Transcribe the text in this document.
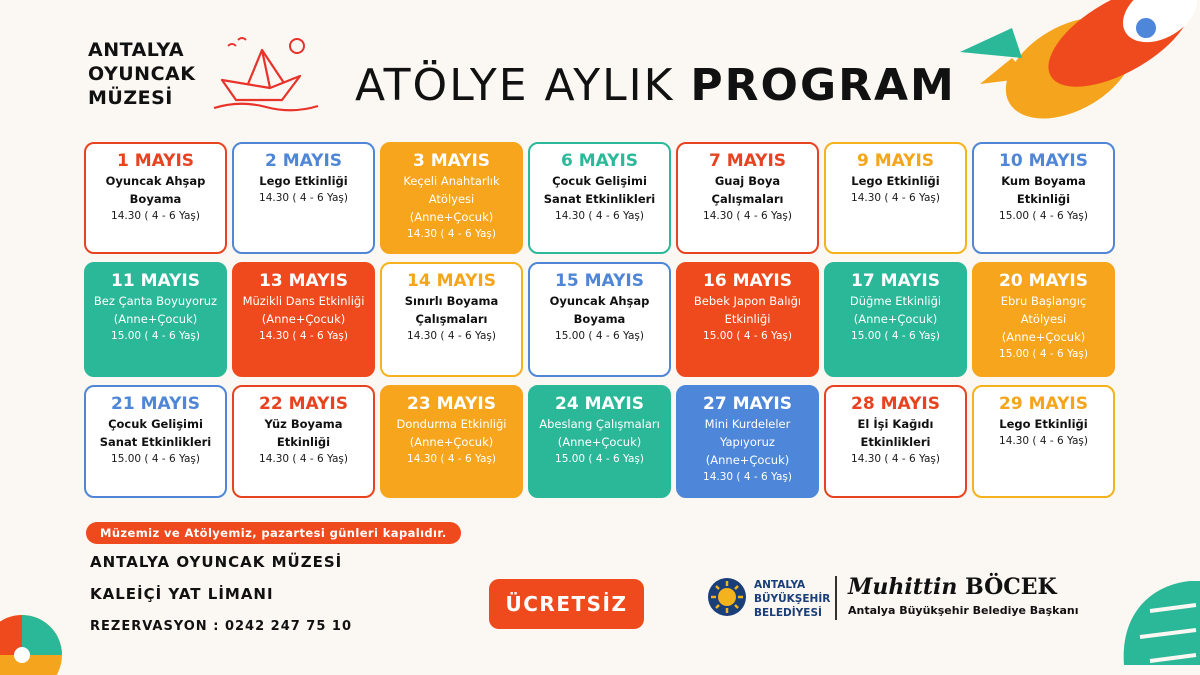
ANTALYA
OYUNCAK
MÜZESİ	ATÖLYE AYLIK PROGRAM
1 MAYIS
Oyuncak Ahşap Boyama
14.30 ( 4 - 6 Yaş)
2 MAYIS
Lego Etkinliği
14.30 ( 4 - 6 Yaş)
3 MAYIS
Keçeli Anahtarlık Atölyesi (Anne+Çocuk)
14.30 ( 4 - 6 Yaş)
6 MAYIS
Çocuk Gelişimi Sanat Etkinlikleri
14.30 ( 4 - 6 Yaş)
7 MAYIS
Guaj Boya Çalışmaları
14.30 ( 4 - 6 Yaş)
9 MAYIS
Lego Etkinliği
14.30 ( 4 - 6 Yaş)
10 MAYIS
Kum Boyama Etkinliği
15.00 ( 4 - 6 Yaş)
11 MAYIS
Bez Çanta Boyuyoruz (Anne+Çocuk)
15.00 ( 4 - 6 Yaş)
13 MAYIS
Müzikli Dans Etkinliği (Anne+Çocuk)
14.30 ( 4 - 6 Yaş)
14 MAYIS
Sınırlı Boyama Çalışmaları
14.30 ( 4 - 6 Yaş)
15 MAYIS
Oyuncak Ahşap Boyama
15.00 ( 4 - 6 Yaş)
16 MAYIS
Bebek Japon Balığı Etkinliği
15.00 ( 4 - 6 Yaş)
17 MAYIS
Düğme Etkinliği (Anne+Çocuk)
15.00 ( 4 - 6 Yaş)
20 MAYIS
Ebru Başlangıç Atölyesi (Anne+Çocuk)
15.00 ( 4 - 6 Yaş)
21 MAYIS
Çocuk Gelişimi Sanat Etkinlikleri
15.00 ( 4 - 6 Yaş)
22 MAYIS
Yüz Boyama Etkinliği
14.30 ( 4 - 6 Yaş)
23 MAYIS
Dondurma Etkinliği (Anne+Çocuk)
14.30 ( 4 - 6 Yaş)
24 MAYIS
Abeslang Çalışmaları (Anne+Çocuk)
15.00 ( 4 - 6 Yaş)
27 MAYIS
Mini Kurdeleler Yapıyoruz (Anne+Çocuk)
14.30 ( 4 - 6 Yaş)
28 MAYIS
El İşi Kağıdı Etkinlikleri
14.30 ( 4 - 6 Yaş)
29 MAYIS
Lego Etkinliği
14.30 ( 4 - 6 Yaş)
Müzemiz ve Atölyemiz, pazartesi günleri kapalıdır.
ANTALYA OYUNCAK MÜZESİ
KALEİÇİ YAT LİMANI
REZERVASYON : 0242 247 75 10
ÜCRETSİZ
ANTALYA
BÜYÜKŞEHİR
BELEDİYESİ
Muhittin BÖCEK
Antalya Büyükşehir Belediye Başkanı
